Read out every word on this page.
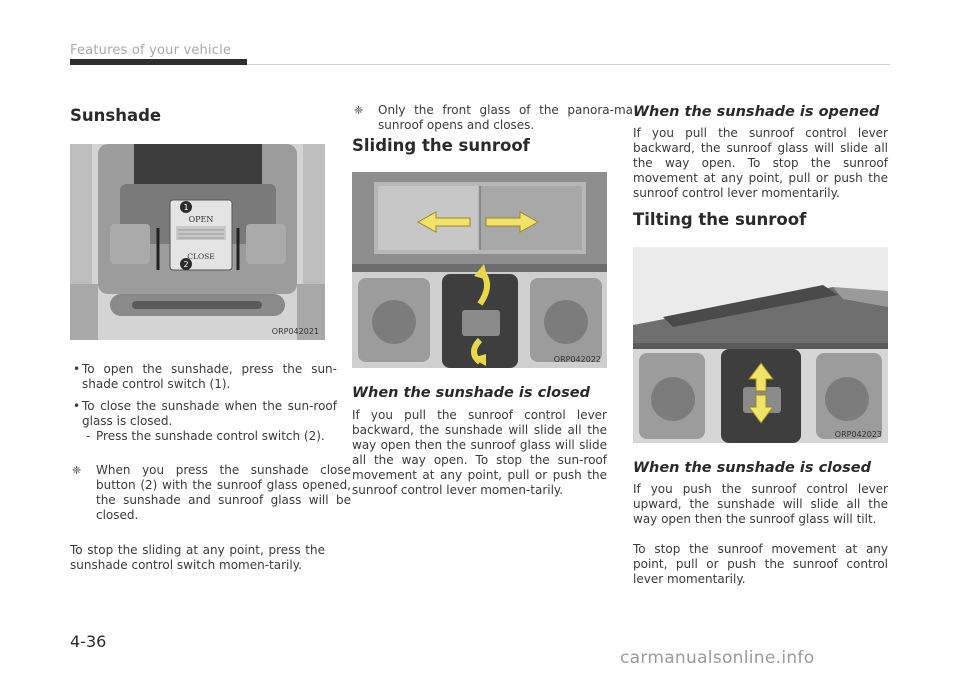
Features of your vehicle
Sunshade
1
2
OPEN
CLOSE
ORP042021

• To open the sunshade, press the sun-shade control switch (1).

• To close the sunshade when the sun-roof glass is closed.

- Press the sunshade control switch (2).

❈ When you press the sunshade close button (2) with the sunroof glass opened, the sunshade and sunroof glass will be closed.

To stop the sliding at any point, press the sunshade control switch momen-tarily.

❈ Only the front glass of the panora-ma sunroof opens and closes.
Sliding the sunroof
ORP042022
When the sunshade is closed

If you pull the sunroof control lever backward, the sunshade will slide all the way open then the sunroof glass will slide all the way open. To stop the sun-roof movement at any point, pull or push the sunroof control lever momen-tarily.

When the sunshade is opened

If you pull the sunroof control lever backward, the sunroof glass will slide all the way open. To stop the sunroof movement at any point, pull or push the sunroof control lever momentarily.

Tilting the sunroof
ORP042023
When the sunshade is closed

If you push the sunroof control lever upward, the sunshade will slide all the way open then the sunroof glass will tilt.

To stop the sunroof movement at any point, pull or push the sunroof control lever momentarily.

4-36
carmanualsonline.info
